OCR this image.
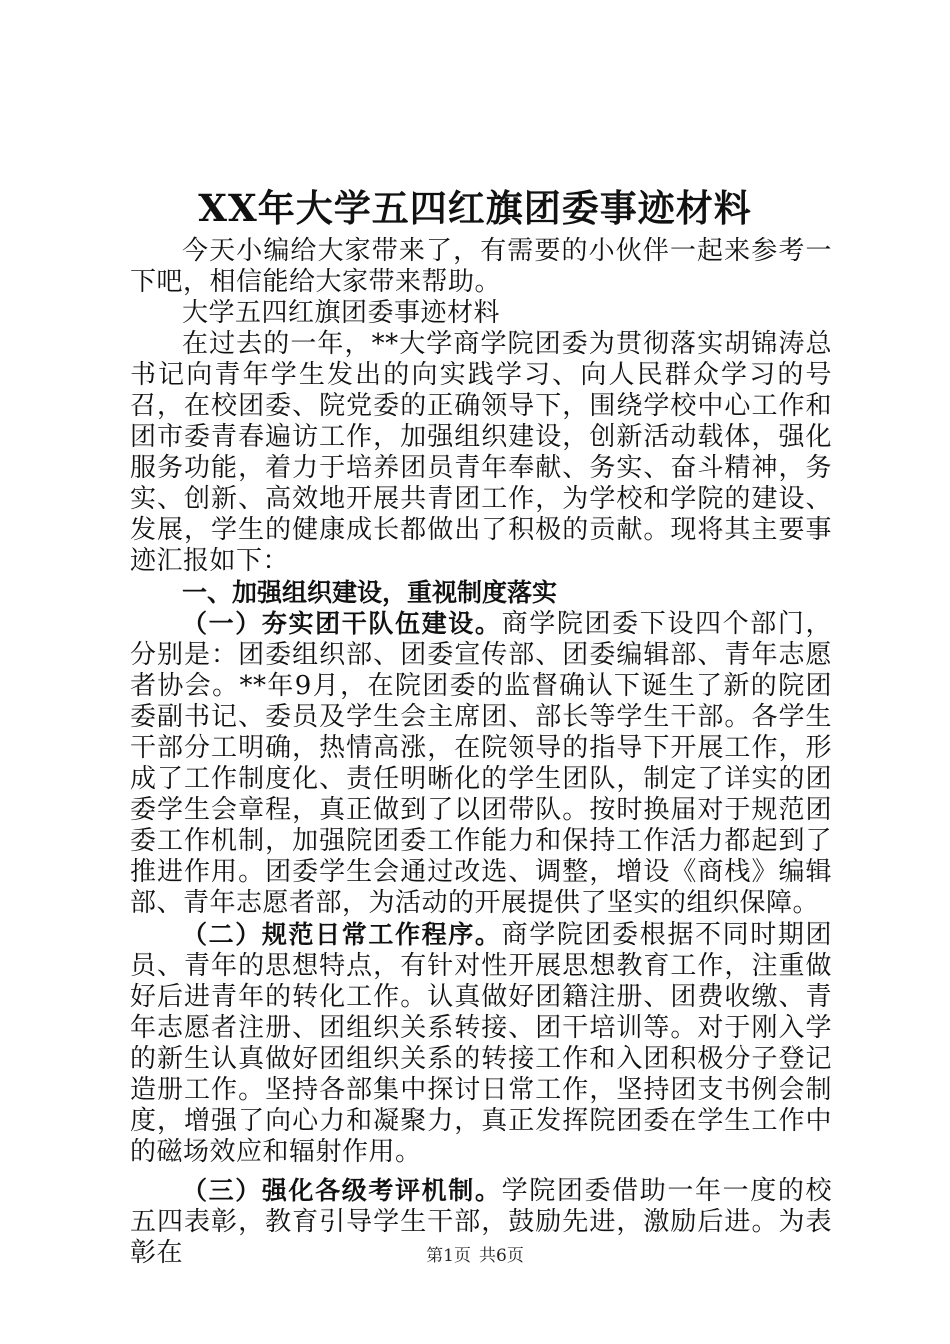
XX年大学五四红旗团委事迹材料

今天小编给大家带来了，有需要的小伙伴一起来参考一下吧，相信能给大家带来帮助。

大学五四红旗团委事迹材料

在过去的一年，**大学商学院团委为贯彻落实胡锦涛总书记向青年学生发出的向实践学习、向人民群众学习的号召，在校团委、院党委的正确领导下，围绕学校中心工作和团市委青春遍访工作，加强组织建设，创新活动载体，强化服务功能，着力于培养团员青年奉献、务实、奋斗精神，务实、创新、高效地开展共青团工作，为学校和学院的建设、发展，学生的健康成长都做出了积极的贡献。现将其主要事迹汇报如下：

一、加强组织建设，重视制度落实

（一）夯实团干队伍建设。商学院团委下设四个部门，分别是：团委组织部、团委宣传部、团委编辑部、青年志愿者协会。**年9月，在院团委的监督确认下诞生了新的院团委副书记、委员及学生会主席团、部长等学生干部。各学生干部分工明确，热情高涨，在院领导的指导下开展工作，形成了工作制度化、责任明晰化的学生团队，制定了详实的团委学生会章程，真正做到了以团带队。按时换届对于规范团委工作机制，加强院团委工作能力和保持工作活力都起到了推进作用。团委学生会通过改选、调整，增设《商栈》编辑部、青年志愿者部，为活动的开展提供了坚实的组织保障。

（二）规范日常工作程序。商学院团委根据不同时期团员、青年的思想特点，有针对性开展思想教育工作，注重做好后进青年的转化工作。认真做好团籍注册、团费收缴、青年志愿者注册、团组织关系转接、团干培训等。对于刚入学的新生认真做好团组织关系的转接工作和入团积极分子登记造册工作。坚持各部集中探讨日常工作，坚持团支书例会制度，增强了向心力和凝聚力，真正发挥院团委在学生工作中的磁场效应和辐射作用。

（三）强化各级考评机制。学院团委借助一年一度的校五四表彰，教育引导学生干部，鼓励先进，激励后进。为表彰在	第1页 共6页
